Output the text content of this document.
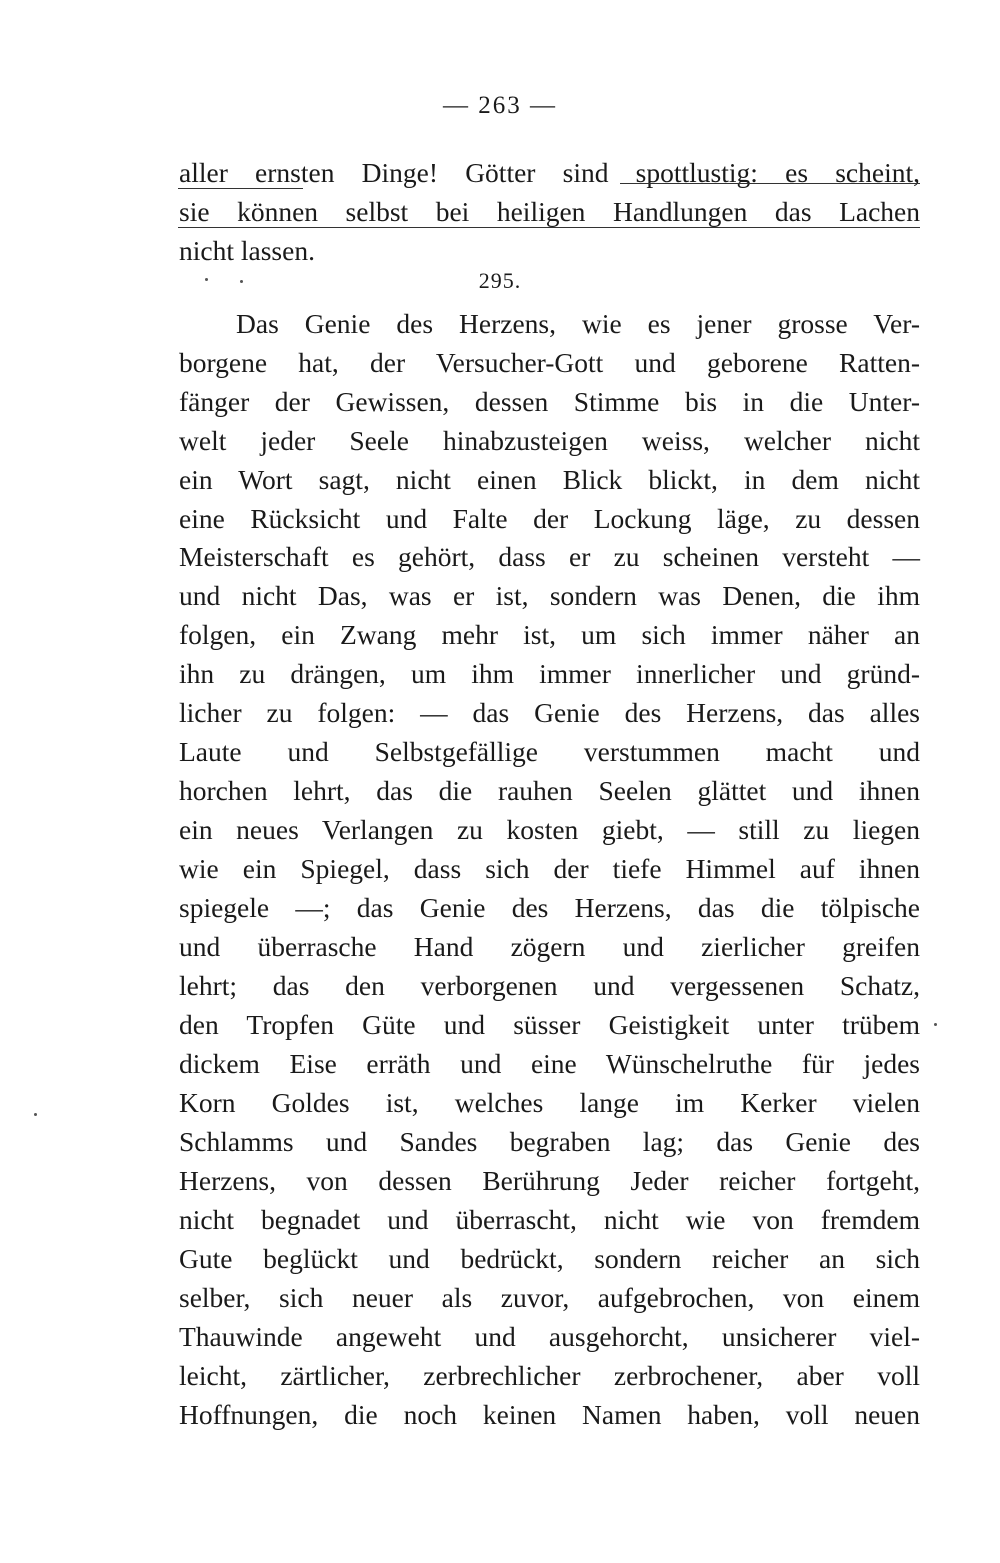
— 263 —
aller ernsten Dinge! Götter sind spottlustig: es scheint,
sie können selbst bei heiligen Handlungen das Lachen
nicht lassen.
295.
Das Genie des Herzens, wie es jener grosse Ver-
borgene hat, der Versucher-Gott und geborene Ratten-
fänger der Gewissen, dessen Stimme bis in die Unter-
welt jeder Seele hinabzusteigen weiss, welcher nicht
ein Wort sagt, nicht einen Blick blickt, in dem nicht
eine Rücksicht und Falte der Lockung läge, zu dessen
Meisterschaft es gehört, dass er zu scheinen versteht —
und nicht Das, was er ist, sondern was Denen, die ihm
folgen, ein Zwang mehr ist, um sich immer näher an
ihn zu drängen, um ihm immer innerlicher und gründ-
licher zu folgen: — das Genie des Herzens, das alles
Laute und Selbstgefällige verstummen macht und
horchen lehrt, das die rauhen Seelen glättet und ihnen
ein neues Verlangen zu kosten giebt, — still zu liegen
wie ein Spiegel, dass sich der tiefe Himmel auf ihnen
spiegele —; das Genie des Herzens, das die tölpische
und überrasche Hand zögern und zierlicher greifen
lehrt; das den verborgenen und vergessenen Schatz,
den Tropfen Güte und süsser Geistigkeit unter trübem
dickem Eise erräth und eine Wünschelruthe für jedes
Korn Goldes ist, welches lange im Kerker vielen
Schlamms und Sandes begraben lag; das Genie des
Herzens, von dessen Berührung Jeder reicher fortgeht,
nicht begnadet und überrascht, nicht wie von fremdem
Gute beglückt und bedrückt, sondern reicher an sich
selber, sich neuer als zuvor, aufgebrochen, von einem
Thauwinde angeweht und ausgehorcht, unsicherer viel-
leicht, zärtlicher, zerbrechlicher zerbrochener, aber voll
Hoffnungen, die noch keinen Namen haben, voll neuen
